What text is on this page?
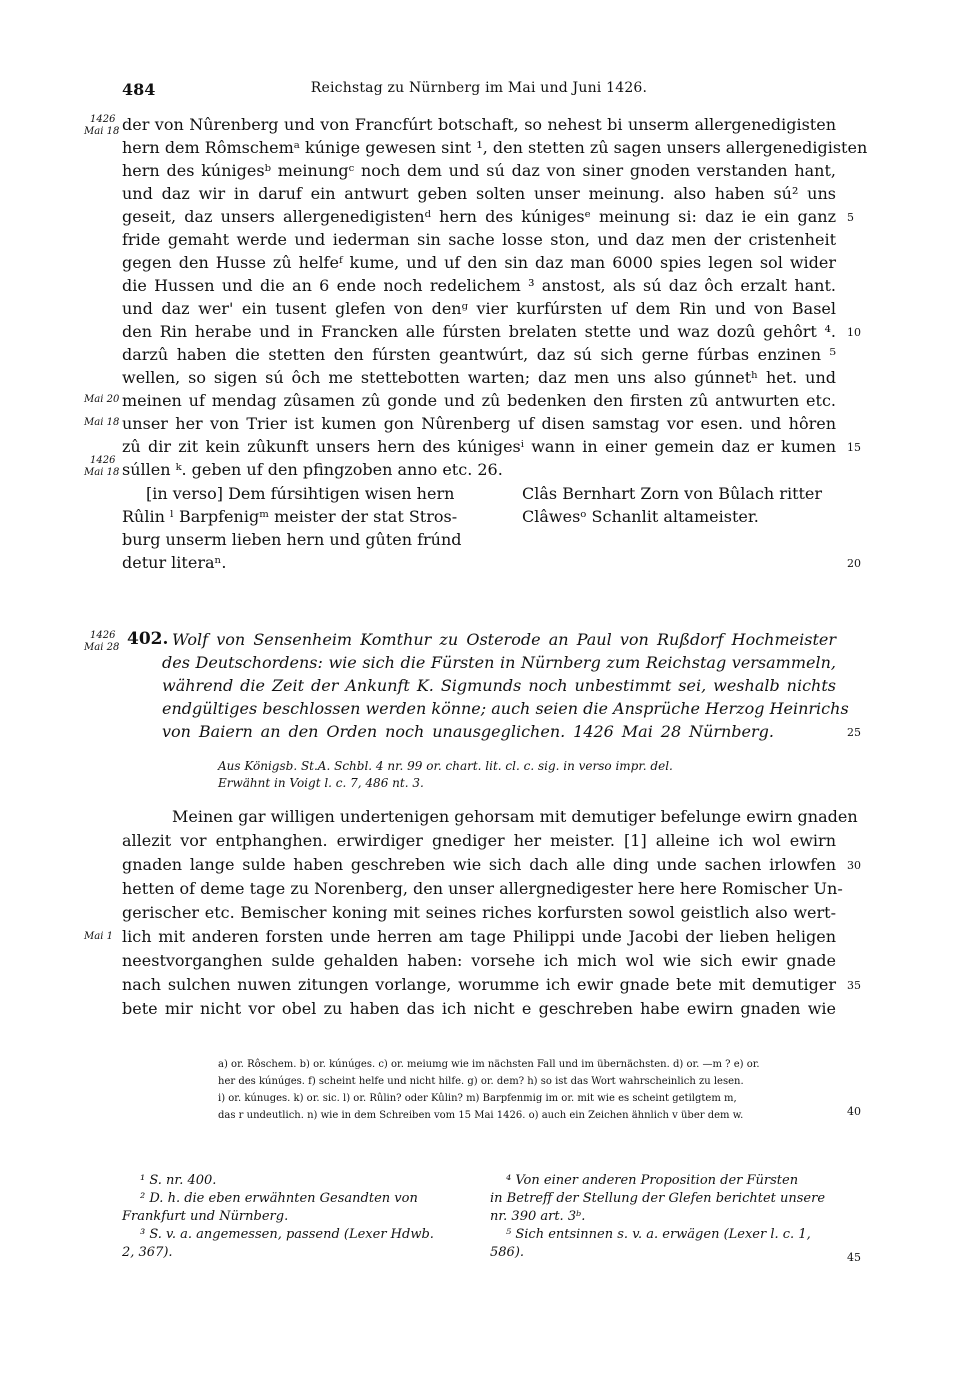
484	Reichstag zu Nürnberg im Mai und Juni 1426.
der von Nûrenberg und von Francfúrt botschaft, so nehest bi unserm allergenedigisten
hern dem Rômschemᵃ kúnige gewesen sint ¹, den stetten zû sagen unsers allergenedigisten
hern des kúnigesᵇ meinungᶜ noch dem und sú daz von siner gnoden verstanden hant,
und daz wir in daruf ein antwurt geben solten unser meinung. also haben sú² uns
geseit, daz unsers allergenedigistenᵈ hern des kúnigesᵉ meinung si: daz ie ein ganz
fride gemaht werde und iederman sin sache losse ston, und daz men der cristenheit
gegen den Husse zû helfeᶠ kume, und uf den sin daz man 6000 spies legen sol wider
die Hussen und die an 6 ende noch redelichem ³ anstost, als sú daz ôch erzalt hant.
und daz wer' ein tusent glefen von denᵍ vier kurfúrsten uf dem Rin und von Basel
den Rin herabe und in Francken alle fúrsten brelaten stette und waz dozû gehôrt ⁴.
darzû haben die stetten den fúrsten geantwúrt, daz sú sich gerne fúrbas enzinen ⁵
wellen, so sigen sú ôch me stettebotten warten; daz men uns also gúnnetʰ het. und
meinen uf mendag zûsamen zû gonde und zû bedenken den firsten zû antwurten etc.
unser her von Trier ist kumen gon Nûrenberg uf disen samstag vor esen. und hôren
zû dir zit kein zûkunft unsers hern des kúnigesⁱ wann in einer gemein daz er kumen
súllen ᵏ. geben uf den pfingzoben anno etc. 26.
[in verso] Dem fúrsihtigen wisen hern
Rûlin ˡ Barpfenigᵐ meister der stat Stros-
burg unserm lieben hern und gûten frúnd
detur literaⁿ.
Clâs Bernhart Zorn von Bûlach ritter
Clâwesᵒ Schanlit altameister.
402. Wolf von Sensenheim Komthur zu Osterode an Paul von Rußdorf Hochmeister
des Deutschordens: wie sich die Fürsten in Nürnberg zum Reichstag versammeln,
während die Zeit der Ankunft K. Sigmunds noch unbestimmt sei, weshalb nichts
endgültiges beschlossen werden könne; auch seien die Ansprüche Herzog Heinrichs
von Baiern an den Orden noch unausgeglichen. 1426 Mai 28 Nürnberg.
Aus Königsb. St.A. Schbl. 4 nr. 99 or. chart. lit. cl. c. sig. in verso impr. del.
Erwähnt in Voigt l. c. 7, 486 nt. 3.
Meinen gar willigen undertenigen gehorsam mit demutiger befelunge ewirn gnaden
allezit vor entphanghen. erwirdiger gnediger her meister. [1] alleine ich wol ewirn
gnaden lange sulde haben geschreben wie sich dach alle ding unde sachen irlowfen
hetten of deme tage zu Norenberg, den unser allergnedigester here here Romischer Un-
gerischer etc. Bemischer koning mit seines riches korfursten sowol geistlich also wert-
lich mit anderen forsten unde herren am tage Philippi unde Jacobi der lieben heligen
neestvorganghen sulde gehalden haben: vorsehe ich mich wol wie sich ewir gnade
nach sulchen nuwen zitungen vorlange, worumme ich ewir gnade bete mit demutiger
bete mir nicht vor obel zu haben das ich nicht e geschreben habe ewirn gnaden wie
a) or. Rôschem. b) or. kúnúges. c) or. meiumg wie im nächsten Fall und im übernächsten. d) or. —m ? e) or.
her des kúnúges. f) scheint helfe und nicht hilfe. g) or. dem? h) so ist das Wort wahrscheinlich zu lesen.
i) or. kúnuges. k) or. sic. l) or. Rûlin? oder Kûlin? m) Barpfenmig im or. mit wie es scheint getilgtem m,
das r undeutlich. n) wie in dem Schreiben vom 15 Mai 1426. o) auch ein Zeichen ähnlich v über dem w.
¹ S. nr. 400.
² D. h. die eben erwähnten Gesandten von
Frankfurt und Nürnberg.
³ S. v. a. angemessen, passend (Lexer Hdwb.
2, 367).
⁴ Von einer anderen Proposition der Fürsten
in Betreff der Stellung der Glefen berichtet unsere
nr. 390 art. 3ᵇ.
⁵ Sich entsinnen s. v. a. erwägen (Lexer l. c. 1,
586).
1426
Mai 18
Mai 20
Mai 18
1426
Mai 18
1426
Mai 28
Mai 1
5
10
15
20
25
30
35
40
45
